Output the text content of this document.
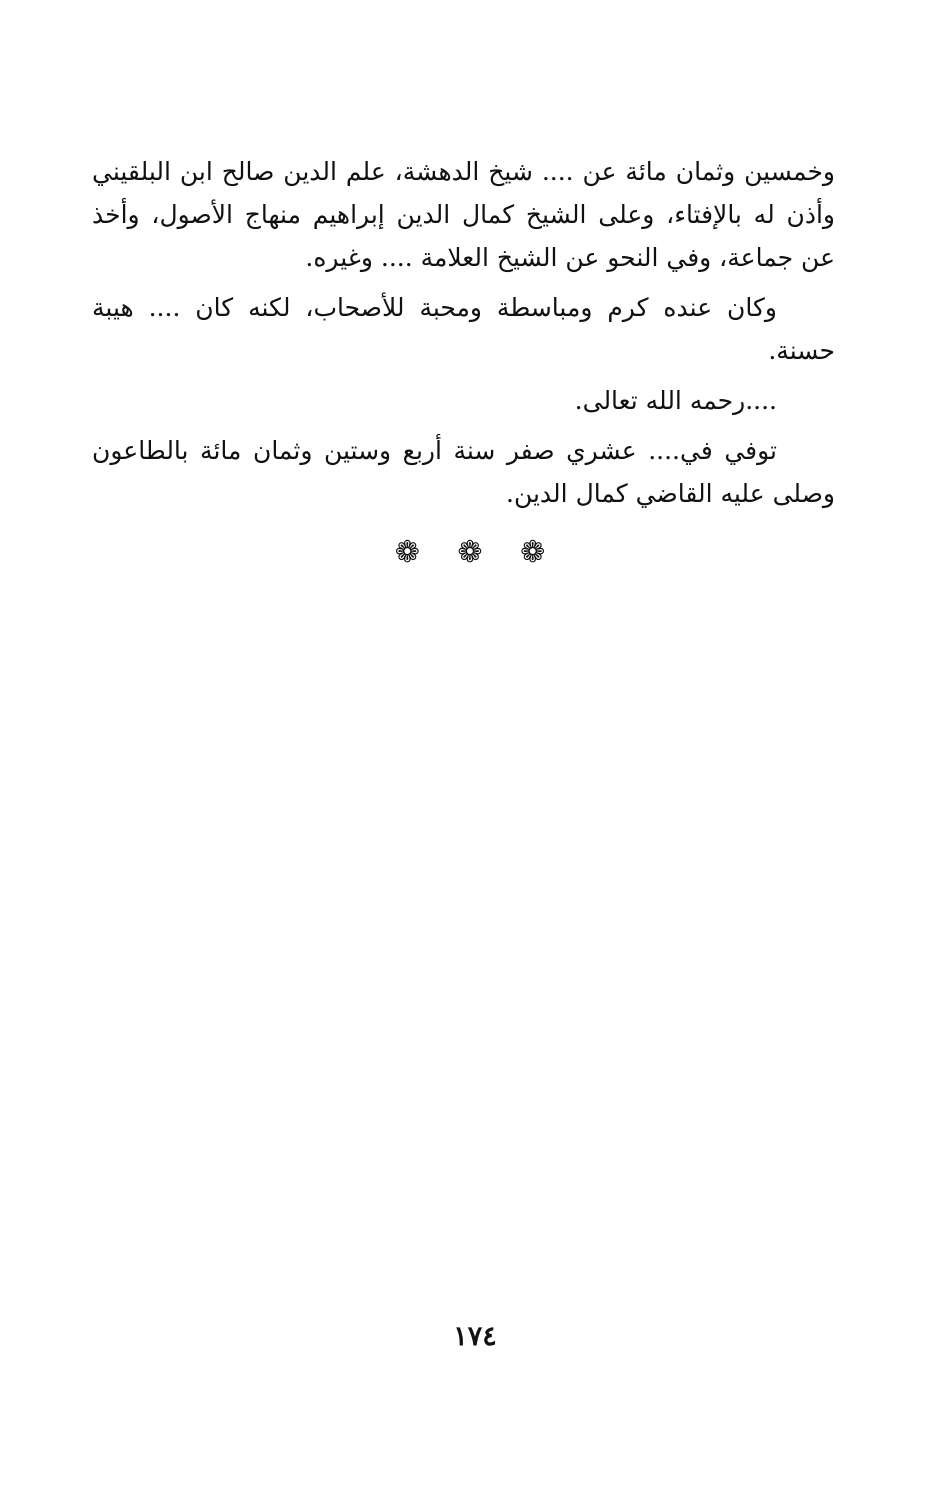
وخمسين وثمان مائة عن .... شيخ الدهشة، علم الدين صالح ابن البلقيني وأذن له بالإفتاء، وعلى الشيخ كمال الدين إبراهيم منهاج الأصول، وأخذ عن جماعة، وفي النحو عن الشيخ العلامة .... وغيره.

وكان عنده كرم ومباسطة ومحبة للأصحاب، لكنه كان .... هيبة حسنة.

....رحمه الله تعالى.

توفي في.... عشري صفر سنة أربع وستين وثمان مائة بالطاعون وصلى عليه القاضي كمال الدين.

❁ ❁ ❁
١٧٤
